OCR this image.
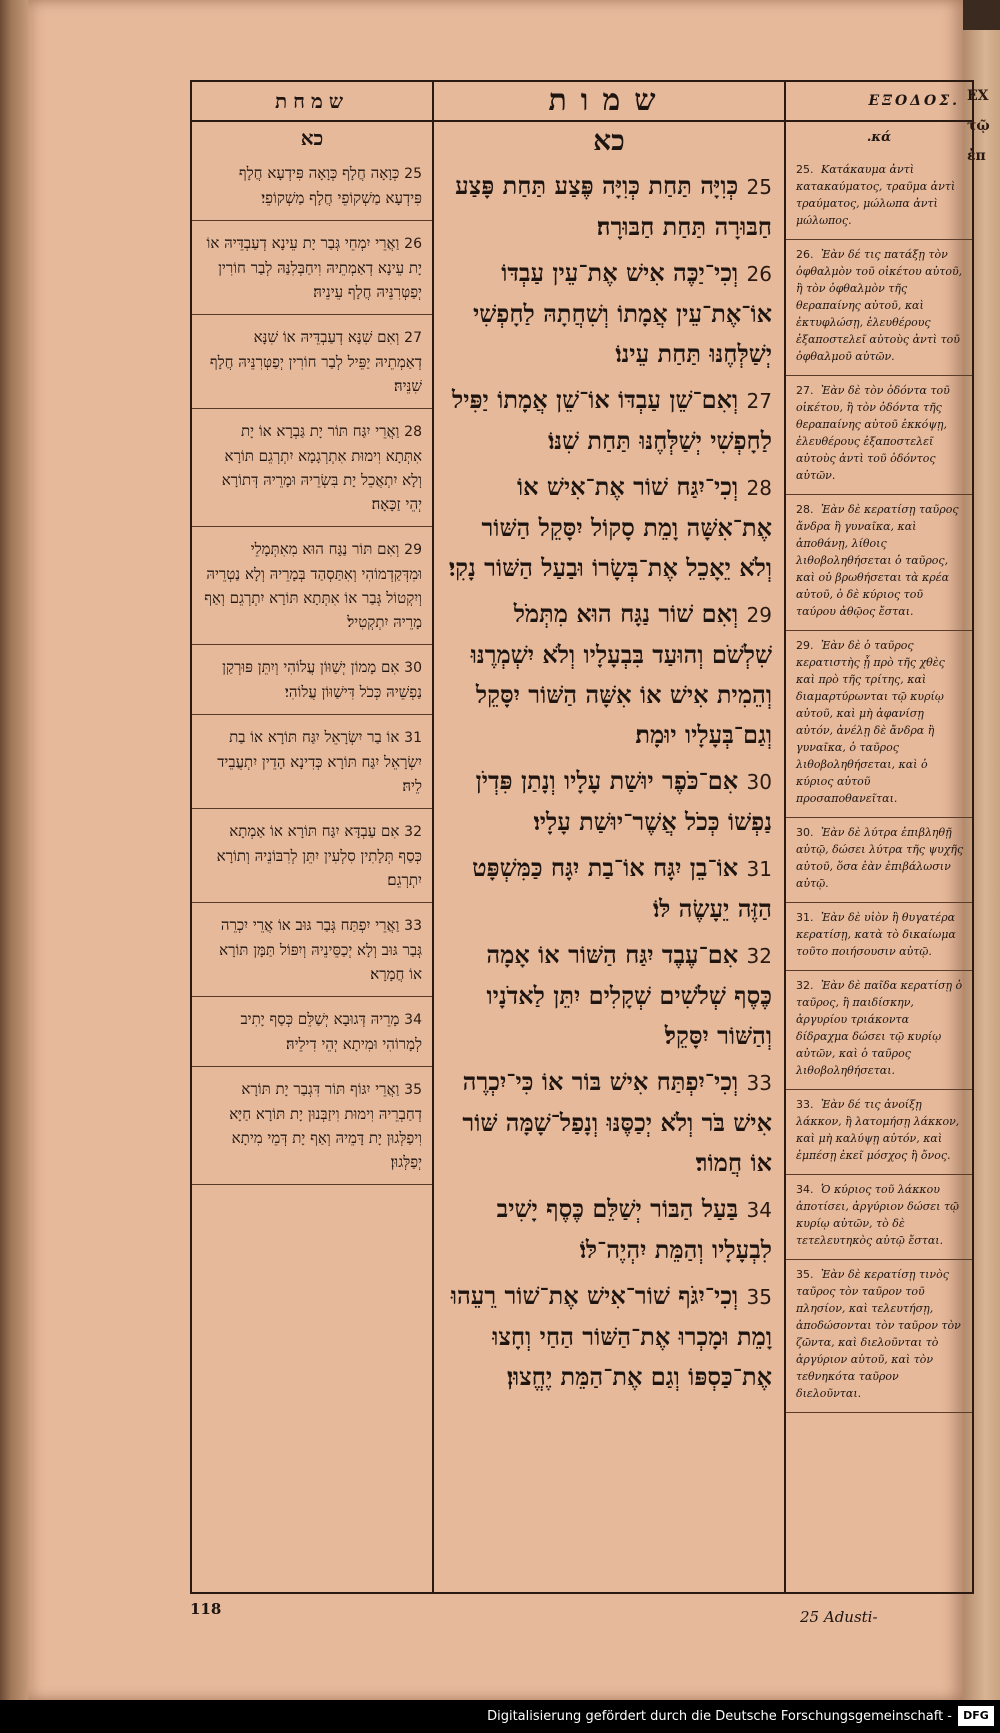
EX
τῷ
ἐπ
שמחת
כא
25 כְּוָאָה חֲלָף כְּוָאָה פִּידְעָא חֲלָף פִּידְעָא מַשְׁקוֹפֵי חֲלָף מַשְׁקוֹפֵי׃
26 וַאֲרֵי יִמְחֵי גְּבַר יָת עֵינָא דְעַבְדֵּיהּ אוֹ יָת עֵינָא דְאַמְתֵיהּ וִיחַבְּלִנַּהּ לְבַר חוֹרִין יְפַטְּרִנֵּיהּ חֲלָף עֵינֵיהּ׃
27 וְאִם שִׁנָּא דְעַבְדֵּיהּ אוֹ שִׁנָּא דְאַמְתֵיהּ יַפֵּיל לְבַר חוֹרִין יְפַטְּרִנֵּיהּ חֲלָף שִׁנֵּיהּ׃
28 וַאֲרֵי יִגַּח תּוֹר יָת גַּבְרָא אוֹ יָת אִתְּתָא וִימוּת אִתְרְגָמָא יִתְרְגֵם תּוֹרָא וְלָא יִתְאֲכֵל יָת בִּשְׂרֵיהּ וּמָרֵיהּ דְּתוֹרָא יְהֵי זַכָּאָה׃
29 וְאִם תּוֹר נַגָּח הוּא מִאִתְּמָלֵי וּמִדְּקַדְמוֹהִי וְאִתַּסְהַד בְּמָרֵיהּ וְלָא נַטְרֵיהּ וְיִקְטוֹל גְּבַר אוֹ אִתְּתָא תּוֹרָא יִתְרְגֵם וְאַף מָרֵיהּ יִתְקְטִיל׃
30 אִם מָמוֹן יְשַׁוּוֹן עֲלוֹהִי וְיִתֵּן פּוּרְקַן נַפְשֵׁיהּ כְּכֹל דִּישַׁוּוֹן עֲלוֹהִי׃
31 אוֹ בַר יִשְׂרָאֵל יִגַּח תּוֹרָא אוֹ בַת יִשְׂרָאֵל יִגַּח תּוֹרָא כְּדִינָא הָדֵין יִתְעֲבֵיד לֵיהּ׃
32 אִם עַבְדָּא יִגַּח תּוֹרָא אוֹ אַמְתָא כְּסַף תְּלָתִין סִלְעִין יִתֵּן לְרִבּוֹנֵיהּ וְתוֹרָא יִתְרְגֵם׃
33 וַאֲרֵי יִפְתַּח גְּבַר גּוּב אוֹ אֲרֵי יִכְרֵה גְּבַר גּוּב וְלָא יְכַסֵּינֵיהּ וְיִפּוֹל תַּמָּן תּוֹרָא אוֹ חֲמָרָא׃
34 מָרֵיהּ דְּגוּבָא יְשַׁלֵּם כְּסַף יָתִיב לְמָרוֹהִי וּמִיתָא יְהֵי דִילֵיהּ׃
35 וַאֲרֵי יִגּוֹף תּוֹר דִּגְבַר יָת תּוֹרָא דְחַבְרֵיהּ וִימוּת וִיזַבְּנוּן יָת תּוֹרָא חַיָּא וִיפַלְּגוּן יָת דָּמֵיהּ וְאַף יָת דְּמֵי מִיתָא יְפַלְּגוּן׃
שמות
כא
25 כְּוִיָּה תַּחַת כְּוִיָּה פֶּצַע תַּחַת פָּצַע חַבּוּרָה תַּחַת חַבּוּרָה׃
26 וְכִי־יַכֶּה אִישׁ אֶת־עֵין עַבְדּוֹ אוֹ־אֶת־עֵין אֲמָתוֹ וְשִׁחֲתָהּ לַחָפְשִׁי יְשַׁלְּחֶנּוּ תַּחַת עֵינוֹ׃
27 וְאִם־שֵׁן עַבְדּוֹ אוֹ־שֵׁן אֲמָתוֹ יַפִּיל לַחָפְשִׁי יְשַׁלְּחֶנּוּ תַּחַת שִׁנּוֹ׃
28 וְכִי־יִגַּח שׁוֹר אֶת־אִישׁ אוֹ אֶת־אִשָּׁה וָמֵת סָקוֹל יִסָּקֵל הַשּׁוֹר וְלֹא יֵאָכֵל אֶת־בְּשָׂרוֹ וּבַעַל הַשּׁוֹר נָקִי׃
29 וְאִם שׁוֹר נַגָּח הוּא מִתְּמֹל שִׁלְשֹׁם וְהוּעַד בִּבְעָלָיו וְלֹא יִשְׁמְרֶנּוּ וְהֵמִית אִישׁ אוֹ אִשָּׁה הַשּׁוֹר יִסָּקֵל וְגַם־בְּעָלָיו יוּמָת׃
30 אִם־כֹּפֶר יוּשַׁת עָלָיו וְנָתַן פִּדְיֹן נַפְשׁוֹ כְּכֹל אֲשֶׁר־יוּשַׁת עָלָיו׃
31 אוֹ־בֵן יִגָּח אוֹ־בַת יִגָּח כַּמִּשְׁפָּט הַזֶּה יֵעָשֶׂה לּוֹ׃
32 אִם־עֶבֶד יִגַּח הַשּׁוֹר אוֹ אָמָה כֶּסֶף שְׁלֹשִׁים שְׁקָלִים יִתֵּן לַאדֹנָיו וְהַשּׁוֹר יִסָּקֵל׃
33 וְכִי־יִפְתַּח אִישׁ בּוֹר אוֹ כִּי־יִכְרֶה אִישׁ בֹּר וְלֹא יְכַסֶּנּוּ וְנָפַל־שָׁמָּה שּׁוֹר אוֹ חֲמוֹר׃
34 בַּעַל הַבּוֹר יְשַׁלֵּם כֶּסֶף יָשִׁיב לִבְעָלָיו וְהַמֵּת יִהְיֶה־לּוֹ׃
35 וְכִי־יִגֹּף שׁוֹר־אִישׁ אֶת־שׁוֹר רֵעֵהוּ וָמֵת וּמָכְרוּ אֶת־הַשּׁוֹר הַחַי וְחָצוּ אֶת־כַּסְפּוֹ וְגַם אֶת־הַמֵּת יֶחֱצוּן׃
ΕΞΟΔΟΣ.
κά.
25. Κατάκαυμα ἀντὶ κατακαύματος, τραῦμα ἀντὶ τραύματος, μώλωπα ἀντὶ μώλωπος.
26. Ἐὰν δέ τις πατάξῃ τὸν ὀφθαλμὸν τοῦ οἰκέτου αὐτοῦ, ἢ τὸν ὀφθαλμὸν τῆς θεραπαίνης αὐτοῦ, καὶ ἐκτυφλώσῃ, ἐλευθέρους ἐξαποστελεῖ αὐτοὺς ἀντὶ τοῦ ὀφθαλμοῦ αὐτῶν.
27. Ἐὰν δὲ τὸν ὀδόντα τοῦ οἰκέτου, ἢ τὸν ὀδόντα τῆς θεραπαίνης αὐτοῦ ἐκκόψῃ, ἐλευθέρους ἐξαποστελεῖ αὐτοὺς ἀντὶ τοῦ ὀδόντος αὐτῶν.
28. Ἐὰν δὲ κερατίσῃ ταῦρος ἄνδρα ἢ γυναῖκα, καὶ ἀποθάνῃ, λίθοις λιθοβοληθήσεται ὁ ταῦρος, καὶ οὐ βρωθήσεται τὰ κρέα αὐτοῦ, ὁ δὲ κύριος τοῦ ταύρου ἀθῷος ἔσται.
29. Ἐὰν δὲ ὁ ταῦρος κερατιστὴς ᾖ πρὸ τῆς χθὲς καὶ πρὸ τῆς τρίτης, καὶ διαμαρτύρωνται τῷ κυρίῳ αὐτοῦ, καὶ μὴ ἀφανίσῃ αὐτόν, ἀνέλῃ δὲ ἄνδρα ἢ γυναῖκα, ὁ ταῦρος λιθοβοληθήσεται, καὶ ὁ κύριος αὐτοῦ προσαποθανεῖται.
30. Ἐὰν δὲ λύτρα ἐπιβληθῇ αὐτῷ, δώσει λύτρα τῆς ψυχῆς αὐτοῦ, ὅσα ἐὰν ἐπιβάλωσιν αὐτῷ.
31. Ἐὰν δὲ υἱὸν ἢ θυγατέρα κερατίσῃ, κατὰ τὸ δικαίωμα τοῦτο ποιήσουσιν αὐτῷ.
32. Ἐὰν δὲ παῖδα κερατίσῃ ὁ ταῦρος, ἢ παιδίσκην, ἀργυρίου τριάκοντα δίδραχμα δώσει τῷ κυρίῳ αὐτῶν, καὶ ὁ ταῦρος λιθοβοληθήσεται.
33. Ἐὰν δέ τις ἀνοίξῃ λάκκον, ἢ λατομήσῃ λάκκον, καὶ μὴ καλύψῃ αὐτόν, καὶ ἐμπέσῃ ἐκεῖ μόσχος ἢ ὄνος.
34. Ὁ κύριος τοῦ λάκκου ἀποτίσει, ἀργύριον δώσει τῷ κυρίῳ αὐτῶν, τὸ δὲ τετελευτηκὸς αὐτῷ ἔσται.
35. Ἐὰν δὲ κερατίσῃ τινὸς ταῦρος τὸν ταῦρον τοῦ πλησίον, καὶ τελευτήσῃ, ἀποδώσονται τὸν ταῦρον τὸν ζῶντα, καὶ διελοῦνται τὸ ἀργύριον αὐτοῦ, καὶ τὸν τεθνηκότα ταῦρον διελοῦνται.
118	25 Adusti-
Digitalisierung gefördert durch die Deutsche Forschungsgemeinschaft -	DFG
